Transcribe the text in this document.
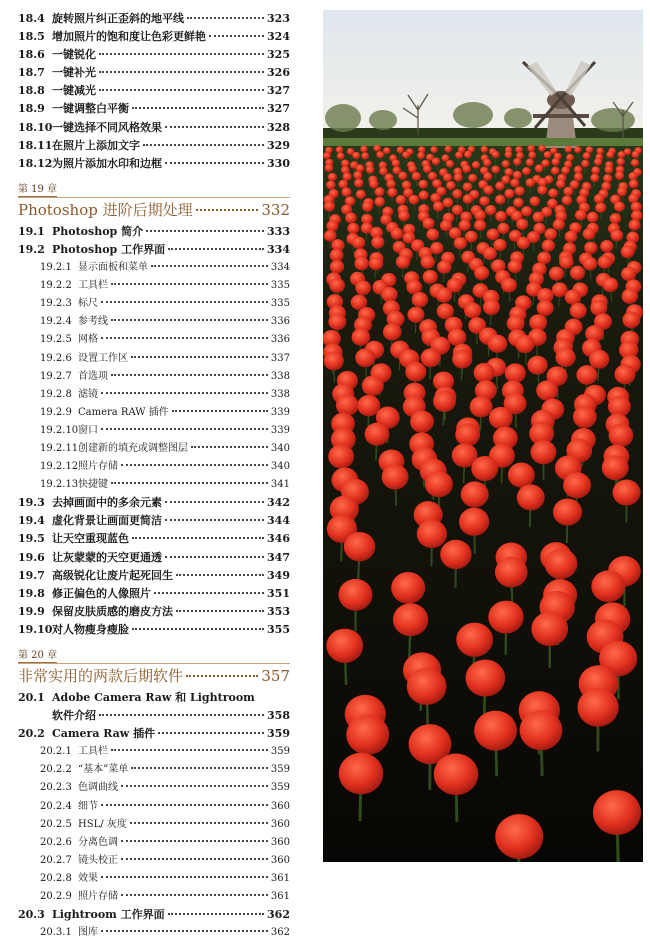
18.4 旋转照片纠正歪斜的地平线	323
18.5 增加照片的饱和度让色彩更鲜艳	324
18.6 一键锐化	325
18.7 一键补光	326
18.8 一键减光	327
18.9 一键调整白平衡	327
18.10 一键选择不同风格效果	328
18.11 在照片上添加文字	329
18.12 为照片添加水印和边框	330
第 19 章
Photoshop 进阶后期处理	332
19.1 Photoshop 简介	333
19.2 Photoshop 工作界面	334
19.2.1 显示面板和菜单	334
19.2.2 工具栏	335
19.2.3 标尺	335
19.2.4 参考线	336
19.2.5 网格	336
19.2.6 设置工作区	337
19.2.7 首选项	338
19.2.8 滤镜	338
19.2.9 Camera RAW 插件	339
19.2.10 窗口	339
19.2.11 创建新的填充或调整图层	340
19.2.12 照片存储	340
19.2.13 快捷键	341
19.3 去掉画面中的多余元素	342
19.4 虚化背景让画面更简洁	344
19.5 让天空重现蓝色	346
19.6 让灰蒙蒙的天空更通透	347
19.7 高级锐化让废片起死回生	349
19.8 修正偏色的人像照片	351
19.9 保留皮肤质感的磨皮方法	353
19.10 对人物瘦身瘦脸	355
第 20 章
非常实用的两款后期软件	357
20.1 Adobe Camera Raw 和 Lightroom
软件介绍	358
20.2 Camera Raw 插件	359
20.2.1 工具栏	359
20.2.2 “基本”菜单	359
20.2.3 色调曲线	359
20.2.4 细节	360
20.2.5 HSL/ 灰度	360
20.2.6 分离色调	360
20.2.7 镜头校正	360
20.2.8 效果	361
20.2.9 照片存储	361
20.3 Lightroom 工作界面	362
20.3.1 图库	362
